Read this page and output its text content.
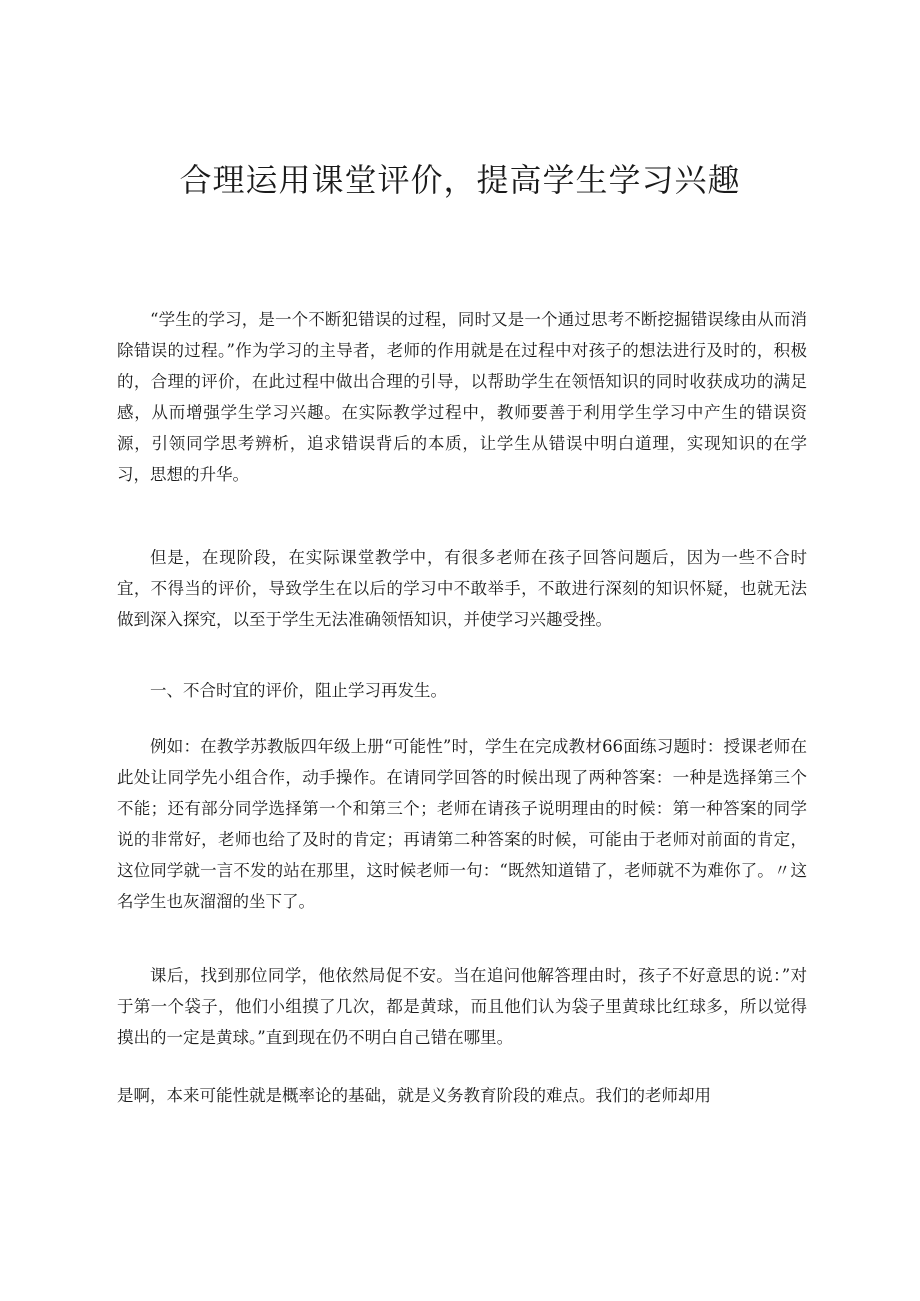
合理运用课堂评价，提高学生学习兴趣

“学生的学习，是一个不断犯错误的过程，同时又是一个通过思考不断挖掘错误缘由从而消除错误的过程。”作为学习的主导者，老师的作用就是在过程中对孩子的想法进行及时的，积极的，合理的评价，在此过程中做出合理的引导，以帮助学生在领悟知识的同时收获成功的满足感，从而增强学生学习兴趣。在实际教学过程中，教师要善于利用学生学习中产生的错误资源，引领同学思考辨析，追求错误背后的本质，让学生从错误中明白道理，实现知识的在学习，思想的升华。

但是，在现阶段，在实际课堂教学中，有很多老师在孩子回答问题后，因为一些不合时宜，不得当的评价，导致学生在以后的学习中不敢举手，不敢进行深刻的知识怀疑，也就无法做到深入探究，以至于学生无法准确领悟知识，并使学习兴趣受挫。

一、不合时宜的评价，阻止学习再发生。

例如：在教学苏教版四年级上册“可能性”时，学生在完成教材66面练习题时：授课老师在此处让同学先小组合作，动手操作。在请同学回答的时候出现了两种答案：一种是选择第三个不能；还有部分同学选择第一个和第三个；老师在请孩子说明理由的时候：第一种答案的同学说的非常好，老师也给了及时的肯定；再请第二种答案的时候，可能由于老师对前面的肯定，这位同学就一言不发的站在那里，这时候老师一句：“既然知道错了，老师就不为难你了。〃这名学生也灰溜溜的坐下了。

课后，找到那位同学，他依然局促不安。当在追问他解答理由时，孩子不好意思的说：”对于第一个袋子，他们小组摸了几次，都是黄球，而且他们认为袋子里黄球比红球多，所以觉得摸出的一定是黄球。”直到现在仍不明白自己错在哪里。

是啊，本来可能性就是概率论的基础，就是义务教育阶段的难点。我们的老师却用
